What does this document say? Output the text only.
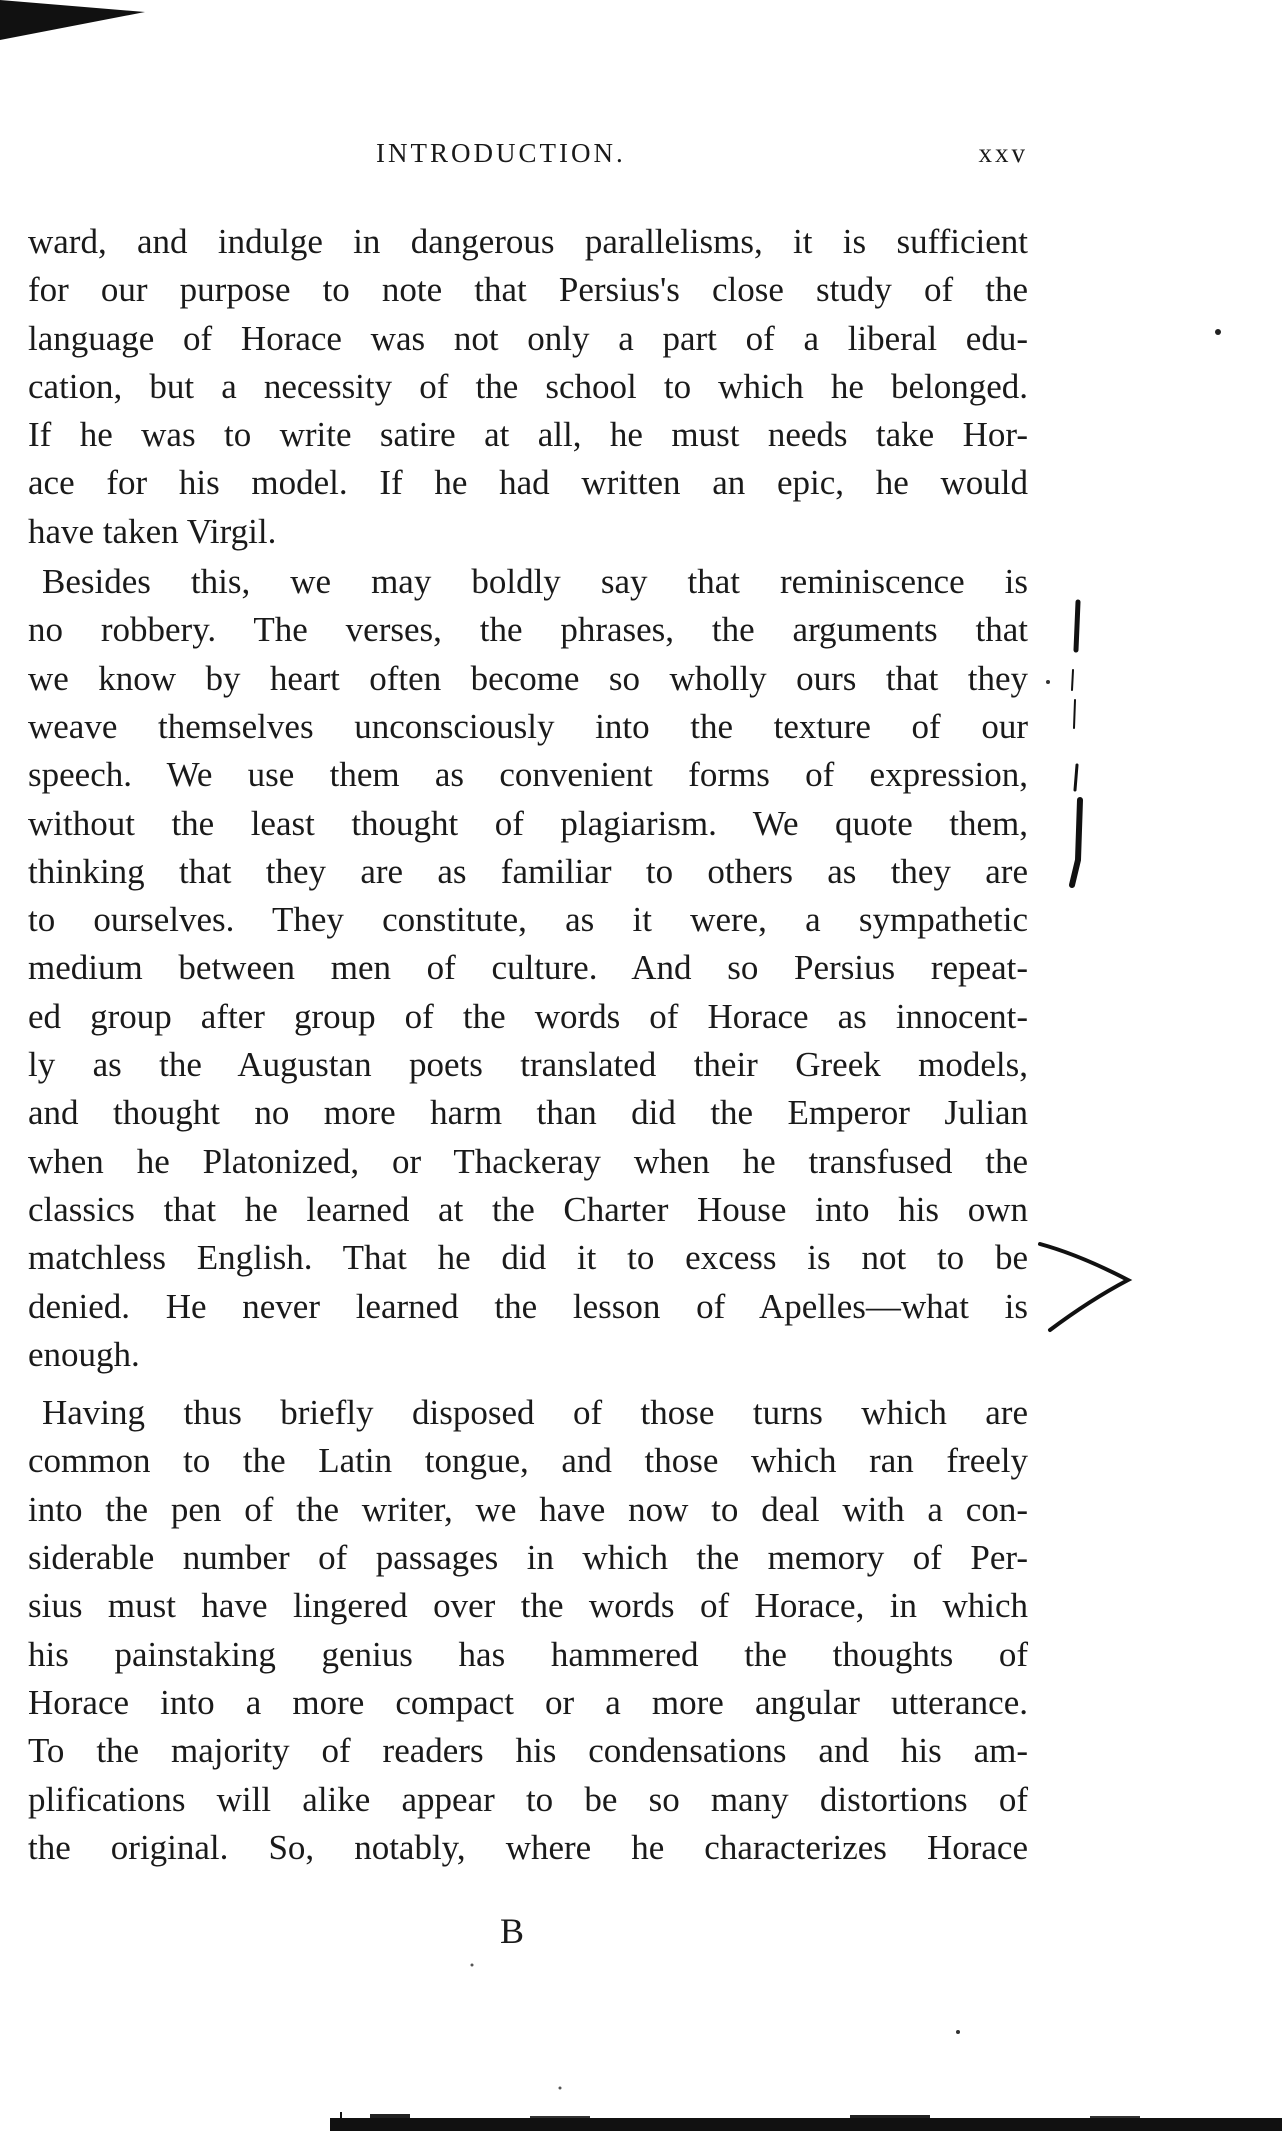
INTRODUCTION.	xxv
ward, and indulge in dangerous parallelisms, it is sufficient
for our purpose to note that Persius's close study of the
language of Horace was not only a part of a liberal edu-
cation, but a necessity of the school to which he belonged.
If he was to write satire at all, he must needs take Hor-
ace for his model. If he had written an epic, he would
have taken Virgil.
Besides this, we may boldly say that reminiscence is
no robbery. The verses, the phrases, the arguments that
we know by heart often become so wholly ours that they
weave themselves unconsciously into the texture of our
speech. We use them as convenient forms of expression,
without the least thought of plagiarism. We quote them,
thinking that they are as familiar to others as they are
to ourselves. They constitute, as it were, a sympathetic
medium between men of culture. And so Persius repeat-
ed group after group of the words of Horace as innocent-
ly as the Augustan poets translated their Greek models,
and thought no more harm than did the Emperor Julian
when he Platonized, or Thackeray when he transfused the
classics that he learned at the Charter House into his own
matchless English. That he did it to excess is not to be
denied. He never learned the lesson of Apelles—what is
enough.
Having thus briefly disposed of those turns which are
common to the Latin tongue, and those which ran freely
into the pen of the writer, we have now to deal with a con-
siderable number of passages in which the memory of Per-
sius must have lingered over the words of Horace, in which
his painstaking genius has hammered the thoughts of
Horace into a more compact or a more angular utterance.
To the majority of readers his condensations and his am-
plifications will alike appear to be so many distortions of
the original. So, notably, where he characterizes Horace
B
